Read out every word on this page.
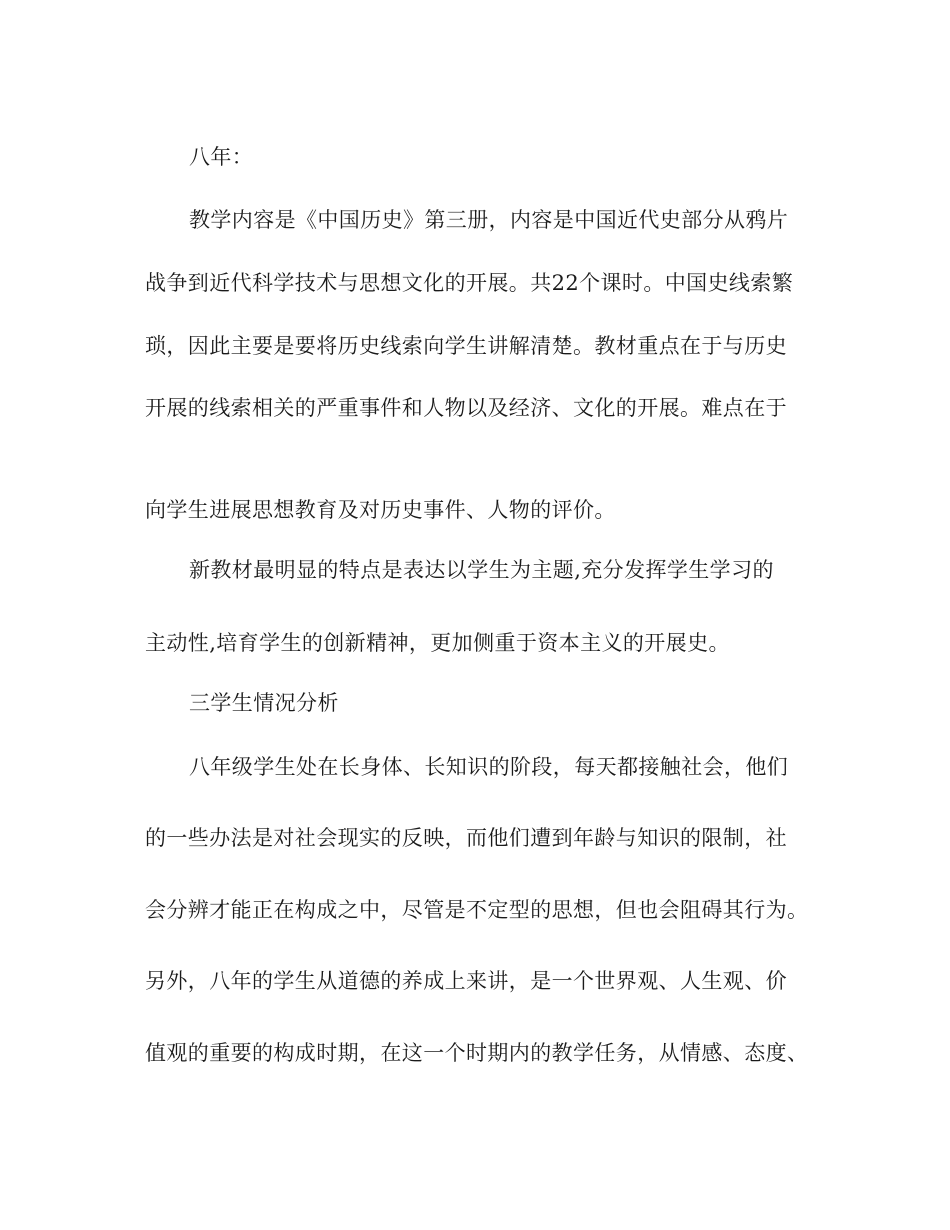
八年：
教学内容是《中国历史》第三册，内容是中国近代史部分从鸦片
战争到近代科学技术与思想文化的开展。共22个课时。中国史线索繁
琐，因此主要是要将历史线索向学生讲解清楚。教材重点在于与历史
开展的线索相关的严重事件和人物以及经济、文化的开展。难点在于
向学生进展思想教育及对历史事件、人物的评价。
新教材最明显的特点是表达以学生为主题,充分发挥学生学习的
主动性,培育学生的创新精神，更加侧重于资本主义的开展史。
三学生情况分析
八年级学生处在长身体、长知识的阶段，每天都接触社会，他们
的一些办法是对社会现实的反映，而他们遭到年龄与知识的限制，社
会分辨才能正在构成之中，尽管是不定型的思想，但也会阻碍其行为。
另外，八年的学生从道德的养成上来讲，是一个世界观、人生观、价
值观的重要的构成时期，在这一个时期内的教学任务，从情感、态度、
